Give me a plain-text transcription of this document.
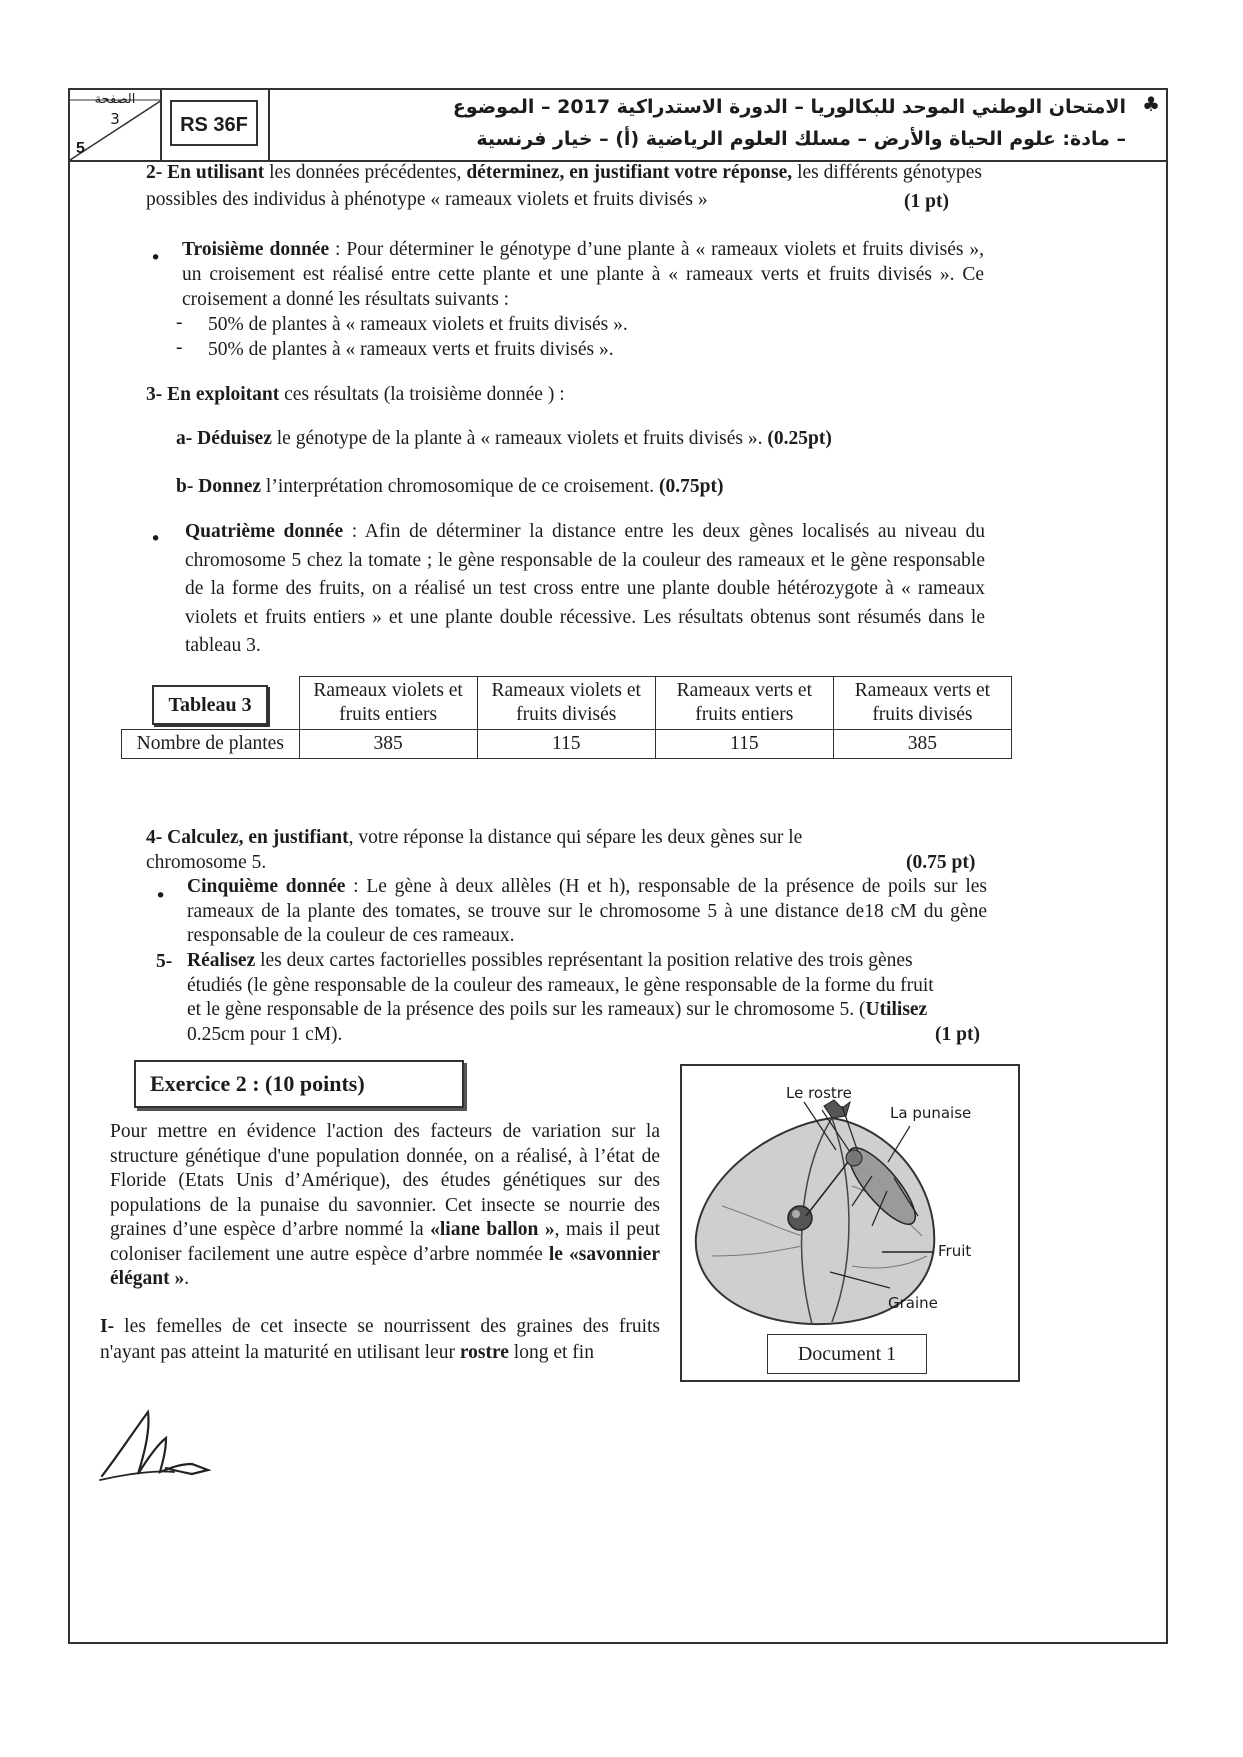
الصفحة
3
5
RS 36F
الامتحان الوطني الموحد للبكالوريا – الدورة الاستدراكية 2017 – الموضوع
– مادة: علوم الحياة والأرض – مسلك العلوم الرياضية (أ) – خيار فرنسية
♣
2- En utilisant les données précédentes, déterminez, en justifiant votre réponse, les différents génotypes possibles des individus à phénotype « rameaux violets et fruits divisés »	(1 pt)
• Troisième donnée : Pour déterminer le génotype d’une plante à « rameaux violets et fruits divisés », un croisement est réalisé entre cette plante et une plante à « rameaux verts et fruits divisés ». Ce croisement a donné les résultats suivants :
- 50% de plantes à « rameaux violets et fruits divisés ».
- 50% de plantes à « rameaux verts et fruits divisés ».
3- En exploitant ces résultats (la troisième donnée ) :
a- Déduisez le génotype de la plante à « rameaux violets et fruits divisés ». (0.25pt)
b- Donnez l’interprétation chromosomique de ce croisement. (0.75pt)
• Quatrième donnée : Afin de déterminer la distance entre les deux gènes localisés au niveau du chromosome 5 chez la tomate ; le gène responsable de la couleur des rameaux et le gène responsable de la forme des fruits, on a réalisé un test cross entre une plante double hétérozygote à « rameaux violets et fruits entiers » et une plante double récessive. Les résultats obtenus sont résumés dans le tableau 3.
Tableau 3	Rameaux violets et fruits entiers	Rameaux violets et fruits divisés	Rameaux verts et fruits entiers	Rameaux verts et fruits divisés
Nombre de plantes	385	115	115	385
4- Calculez, en justifiant, votre réponse la distance qui sépare les deux gènes sur le chromosome 5.	(0.75 pt)
• Cinquième donnée : Le gène à deux allèles (H et h), responsable de la présence de poils sur les rameaux de la plante des tomates, se trouve sur le chromosome 5 à une distance de18 cM du gène responsable de la couleur de ces rameaux.
5- Réalisez les deux cartes factorielles possibles représentant la position relative des trois gènes étudiés (le gène responsable de la couleur des rameaux, le gène responsable de la forme du fruit et le gène responsable de la présence des poils sur les rameaux) sur le chromosome 5. (Utilisez 0.25cm pour 1 cM).	(1 pt)
Exercice 2 : (10 points)
Pour mettre en évidence l'action des facteurs de variation sur la structure génétique d'une population donnée, on a réalisé, à l’état de Floride (Etats Unis d’Amérique), des études génétiques sur des populations de la punaise du savonnier. Cet insecte se nourrie des graines d’une espèce d’arbre nommé la «liane ballon », mais il peut coloniser facilement une autre espèce d’arbre nommée le «savonnier élégant ».
I- les femelles de cet insecte se nourrissent des graines des fruits n'ayant pas atteint la maturité en utilisant leur rostre long et fin
Le rostre
La punaise
Fruit
Graine
Document 1
